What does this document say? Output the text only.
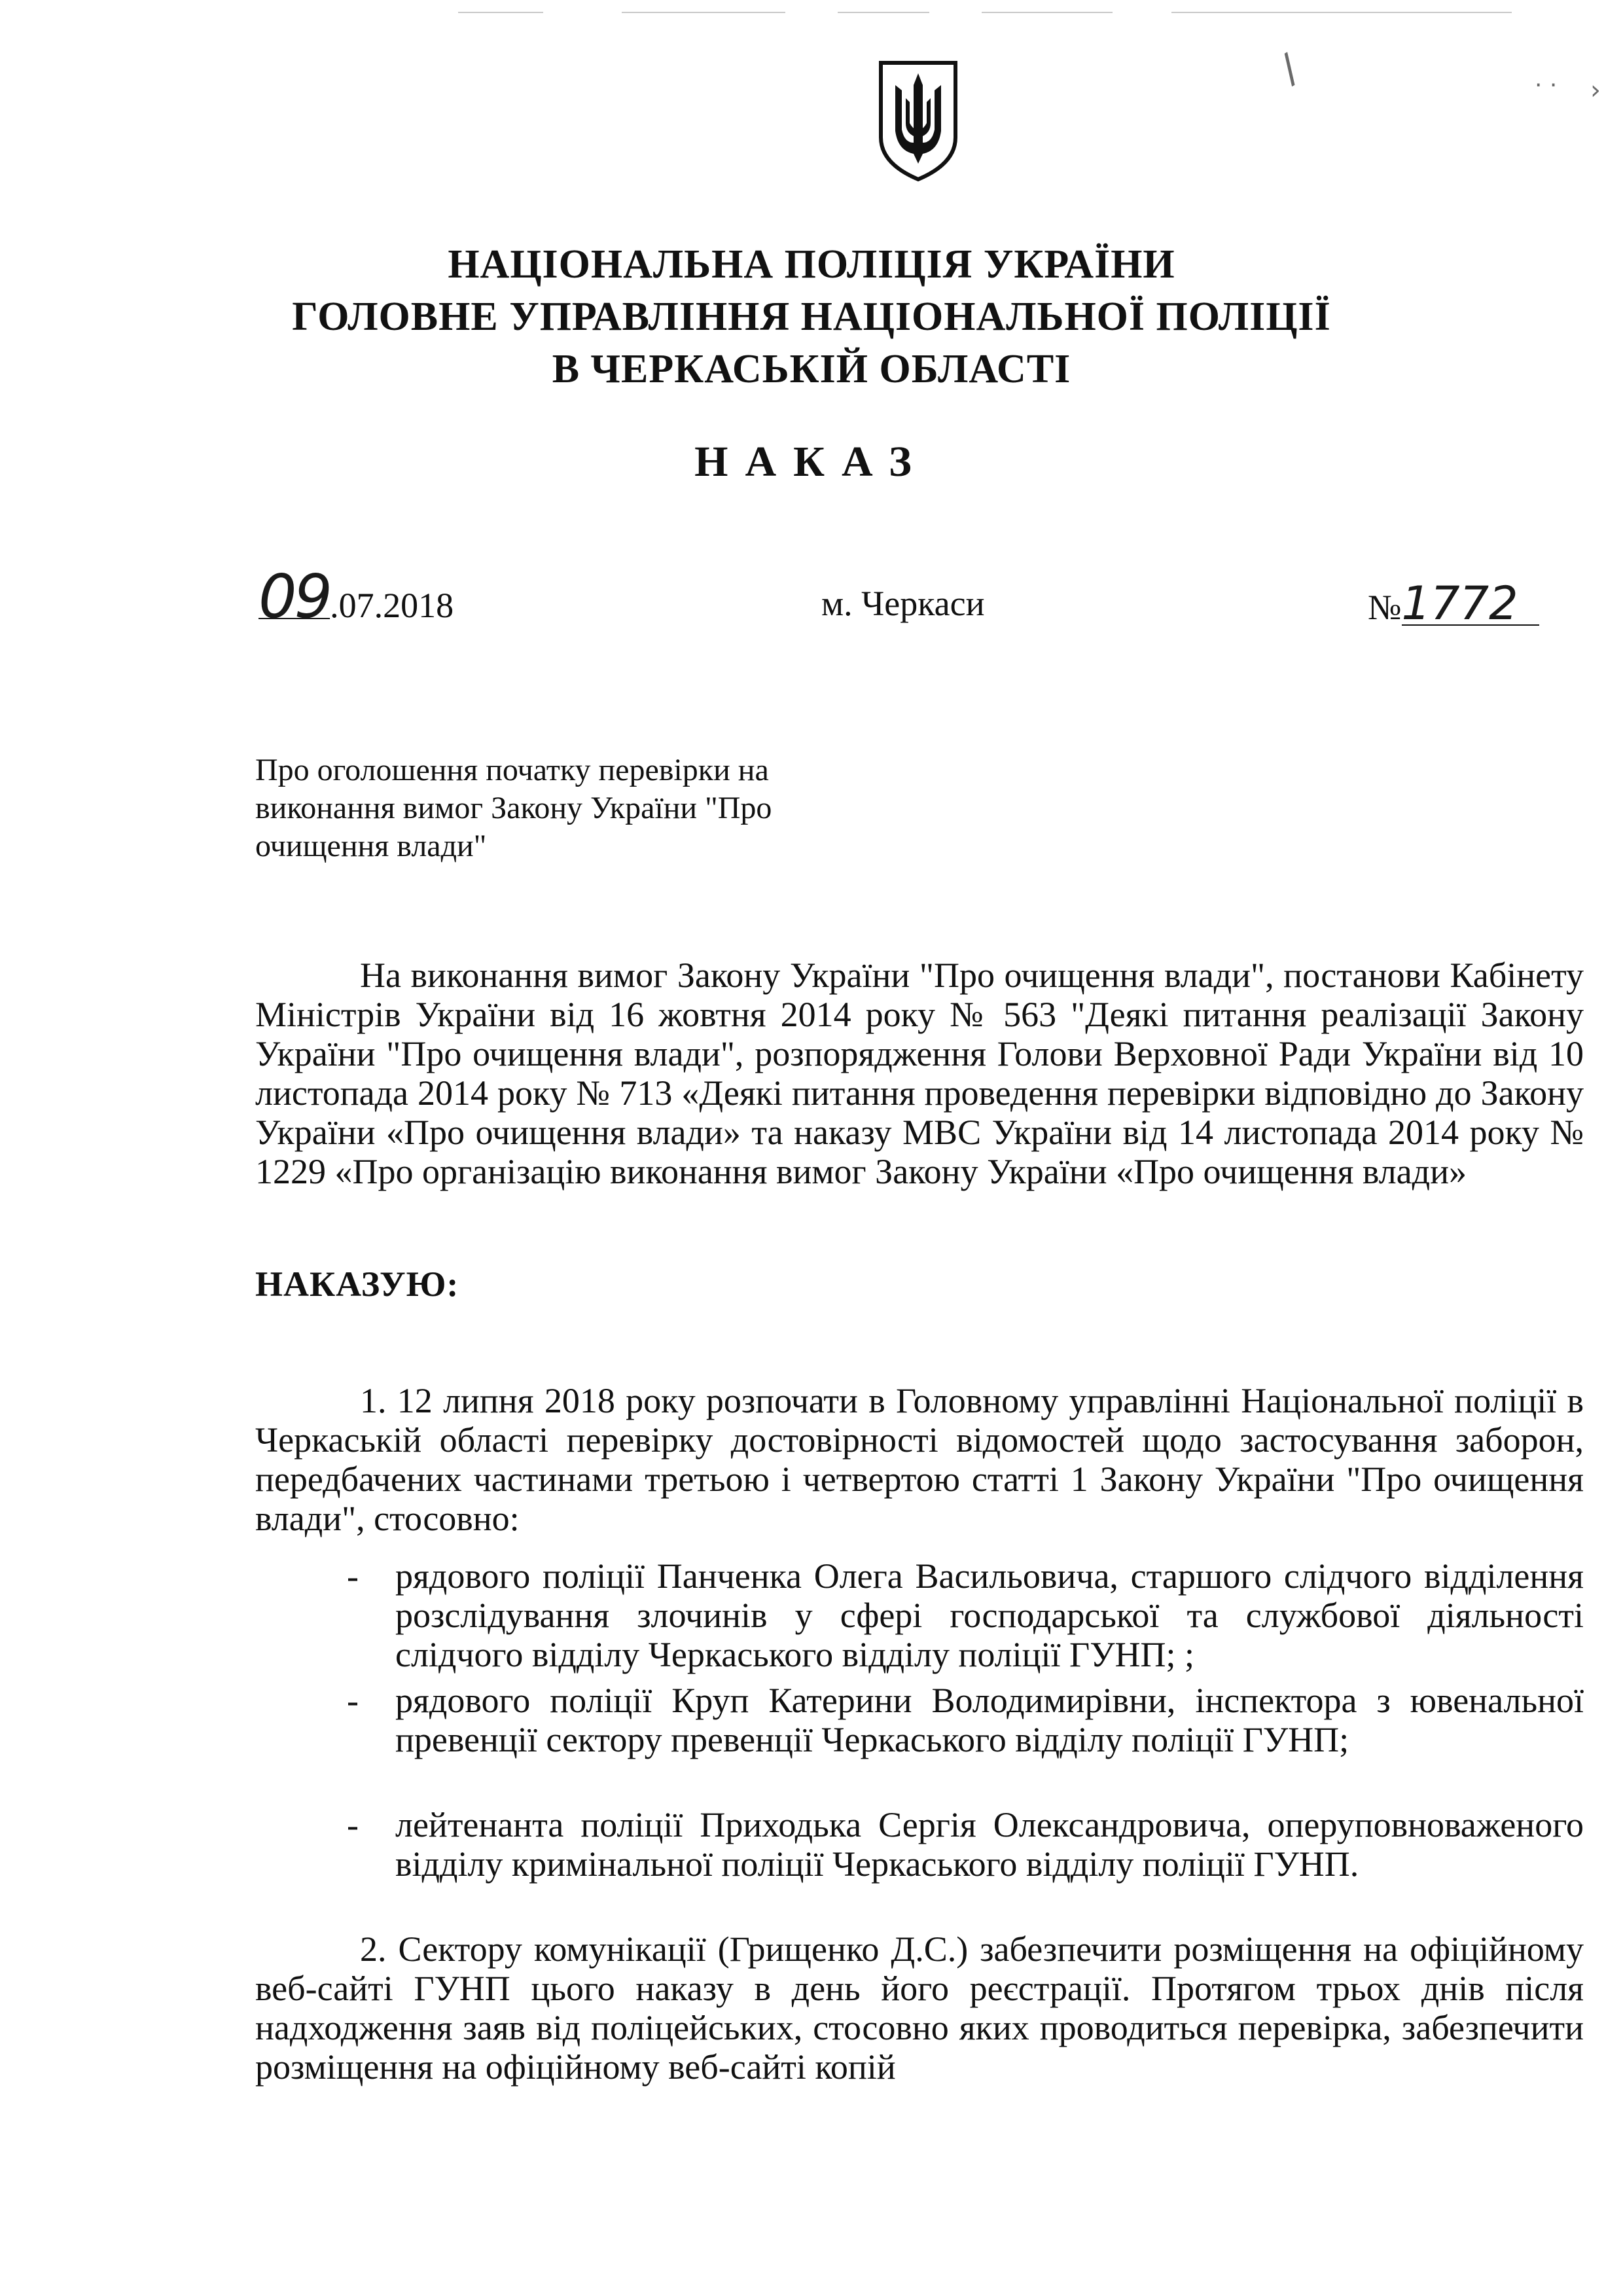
/	· · ›
НАЦІОНАЛЬНА ПОЛІЦІЯ УКРАЇНИ
ГОЛОВНЕ УПРАВЛІННЯ НАЦІОНАЛЬНОЇ ПОЛІЦІЇ
В ЧЕРКАСЬКІЙ ОБЛАСТІ
НАКАЗ
09.07.2018	м. Черкаси	№1772

Про оголошення початку перевірки на виконання вимог Закону України "Про очищення влади"

На виконання вимог Закону України "Про очищення влади", постанови Кабінету Міністрів України від 16 жовтня 2014 року № 563 "Деякі питання реалізації Закону України "Про очищення влади", розпорядження Голови Верховної Ради України від 10 листопада 2014 року № 713 «Деякі питання проведення перевірки відповідно до Закону України «Про очищення влади» та наказу МВС України від 14 листопада 2014 року № 1229 «Про організацію виконання вимог Закону України «Про очищення влади»

НАКАЗУЮ:

1. 12 липня 2018 року розпочати в Головному управлінні Національної поліції в Черкаській області перевірку достовірності відомостей щодо застосування заборон, передбачених частинами третьою і четвертою статті 1 Закону України "Про очищення влади", стосовно:

- рядового поліції Панченка Олега Васильовича, старшого слідчого відділення розслідування злочинів у сфері господарської та службової діяльності слідчого відділу Черкаського відділу поліції ГУНП; ;
- рядового поліції Круп Катерини Володимирівни, інспектора з ювенальної превенції сектору превенції Черкаського відділу поліції ГУНП;
- лейтенанта поліції Приходька Сергія Олександровича, оперуповноваженого відділу кримінальної поліції Черкаського відділу поліції ГУНП.

2. Сектору комунікації (Грищенко Д.С.) забезпечити розміщення на офіційному веб-сайті ГУНП цього наказу в день його реєстрації. Протягом трьох днів після надходження заяв від поліцейських, стосовно яких проводиться перевірка, забезпечити розміщення на офіційному веб-сайті копій
